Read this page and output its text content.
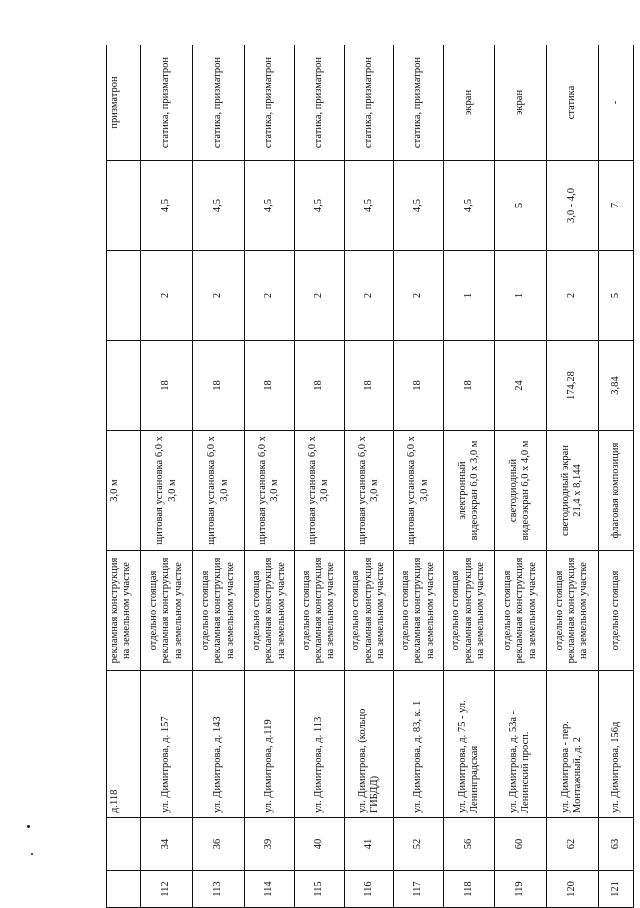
		д.118	рекламная конструкция на земельном участке	3,0 м				призматрон
112	34	ул. Димитрова, д. 157	отдельно стоящая рекламная конструкция на земельном участке	щитовая установка 6,0 х 3,0 м	18	2	4,5	статика, призматрон
113	36	ул. Димитрова, д. 143	отдельно стоящая рекламная конструкция на земельном участке	щитовая установка 6,0 х 3,0 м	18	2	4,5	статика, призматрон
114	39	ул. Димитрова, д.119	отдельно стоящая рекламная конструкция на земельном участке	щитовая установка 6,0 х 3,0 м	18	2	4,5	статика, призматрон
115	40	ул. Димитрова, д. 113	отдельно стоящая рекламная конструкция на земельном участке	щитовая установка 6,0 х 3,0 м	18	2	4,5	статика, призматрон
116	41	ул. Димитрова, (кольцо ГИБДД)	отдельно стоящая рекламная конструкция на земельном участке	щитовая установка 6,0 х 3,0 м	18	2	4,5	статика, призматрон
117	52	ул. Димитрова, д. 83, к. 1	отдельно стоящая рекламная конструкция на земельном участке	щитовая установка 6,0 х 3,0 м	18	2	4,5	статика, призматрон
118	56	ул. Димитрова, д. 75 - ул. Ленинградская	отдельно стоящая рекламная конструкция на земельном участке	электронный видеоэкран 6,0 х 3,0 м	18	1	4,5	экран
119	60	ул. Димитрова, д. 53а - Ленинский просп.	отдельно стоящая рекламная конструкция на земельном участке	светодиодный видеоэкран 6,0 х 4,0 м	24	1	5	экран
120	62	ул. Димитрова - пер. Монтажный, д. 2	отдельно стоящая рекламная конструкция на земельном участке	светодиодный экран 21,4 х 8,144	174,28	2	3,0 - 4,0	статика
121	63	ул. Димитрова, 156д	отдельно стоящая	флаговая композиция	3,84	5	7	-
